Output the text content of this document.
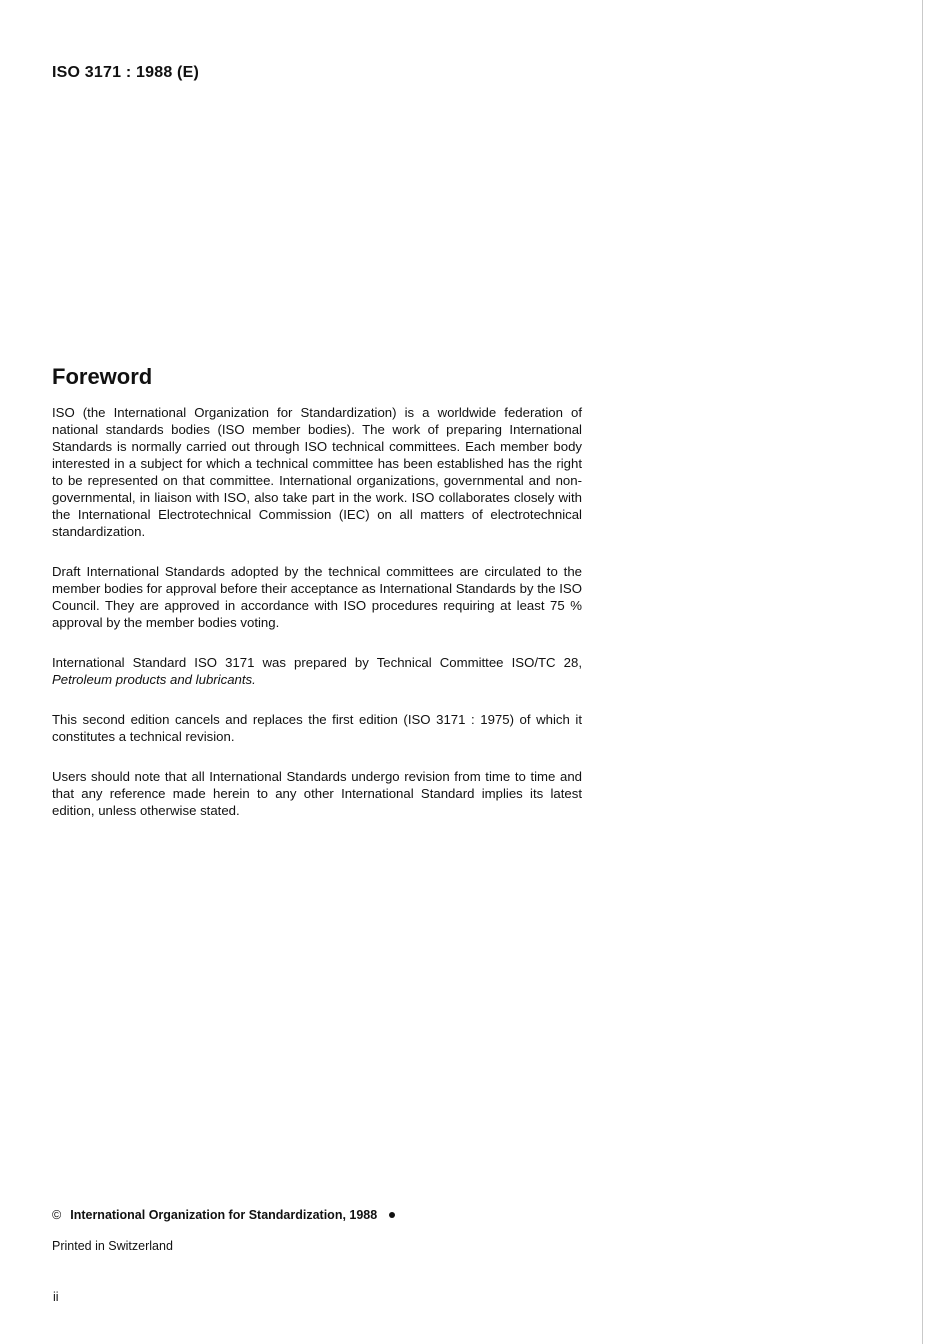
ISO 3171 : 1988 (E)
Foreword

ISO (the International Organization for Standardization) is a worldwide federation of national standards bodies (ISO member bodies). The work of preparing International Standards is normally carried out through ISO technical committees. Each member body interested in a subject for which a technical committee has been established has the right to be represented on that committee. International organizations, governmental and non-governmental, in liaison with ISO, also take part in the work. ISO collaborates closely with the International Electrotechnical Commission (IEC) on all matters of electrotechnical standardization.

Draft International Standards adopted by the technical committees are circulated to the member bodies for approval before their acceptance as International Standards by the ISO Council. They are approved in accordance with ISO procedures requiring at least 75 % approval by the member bodies voting.

International Standard ISO 3171 was prepared by Technical Committee ISO/TC 28, Petroleum products and lubricants.

This second edition cancels and replaces the first edition (ISO 3171 : 1975) of which it constitutes a technical revision.

Users should note that all International Standards undergo revision from time to time and that any reference made herein to any other International Standard implies its latest edition, unless otherwise stated.

© International Organization for Standardization, 1988
Printed in Switzerland
ii
